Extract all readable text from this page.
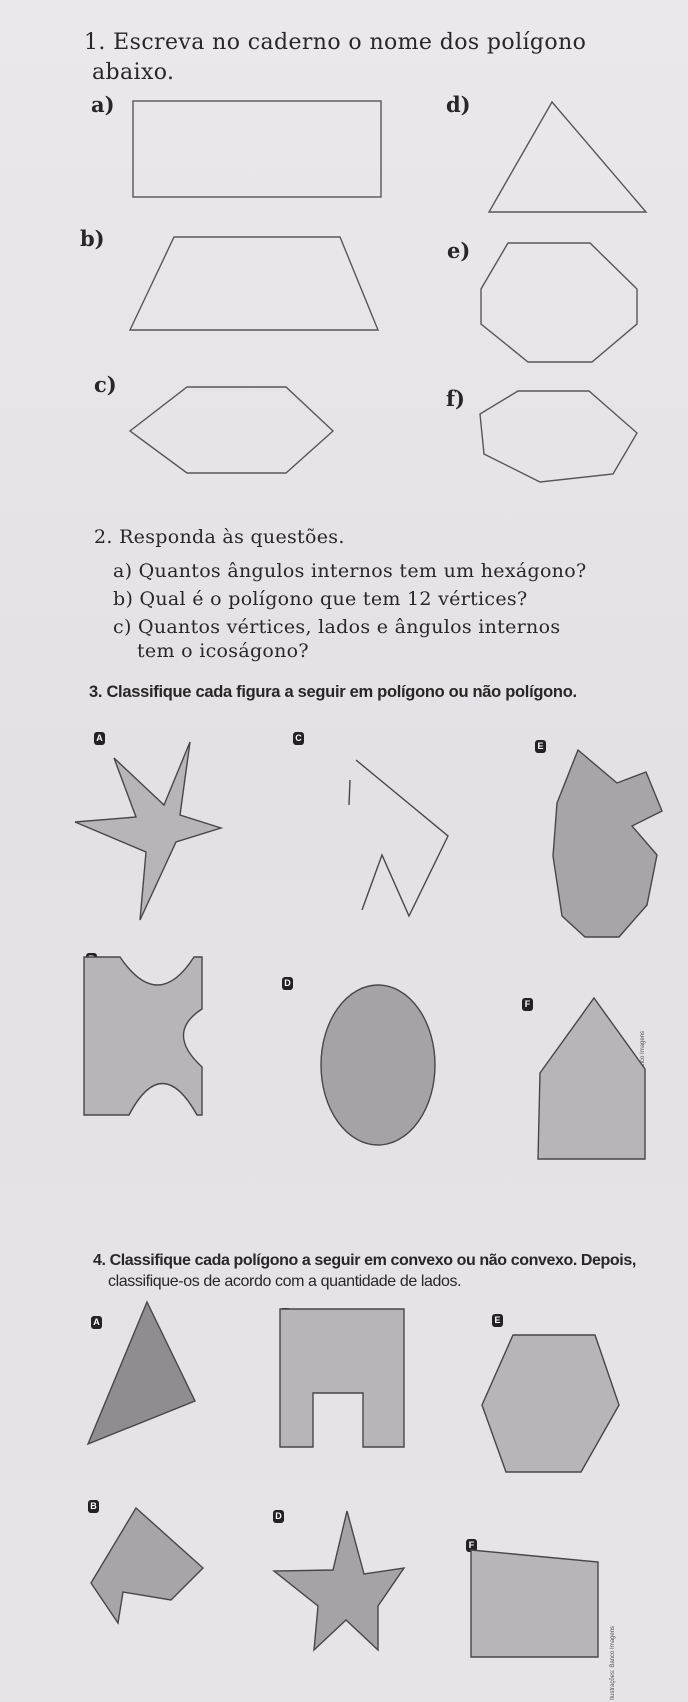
1. Escreva no caderno o nome dos polígono
abaixo.
a)
b)
c)
d)
e)
f)
2. Responda às questões.
a) Quantos ângulos internos tem um hexágono?
b) Qual é o polígono que tem 12 vértices?
c) Quantos vértices, lados e ângulos internos
tem o icoságono?
3. Classifique cada figura a seguir em polígono ou não polígono.
4. Classifique cada polígono a seguir em convexo ou não convexo. Depois,
classifique-os de acordo com a quantidade de lados.
A	C
E
D
F
A	E
B
D
F
Ilustrações: Banco Imagens
